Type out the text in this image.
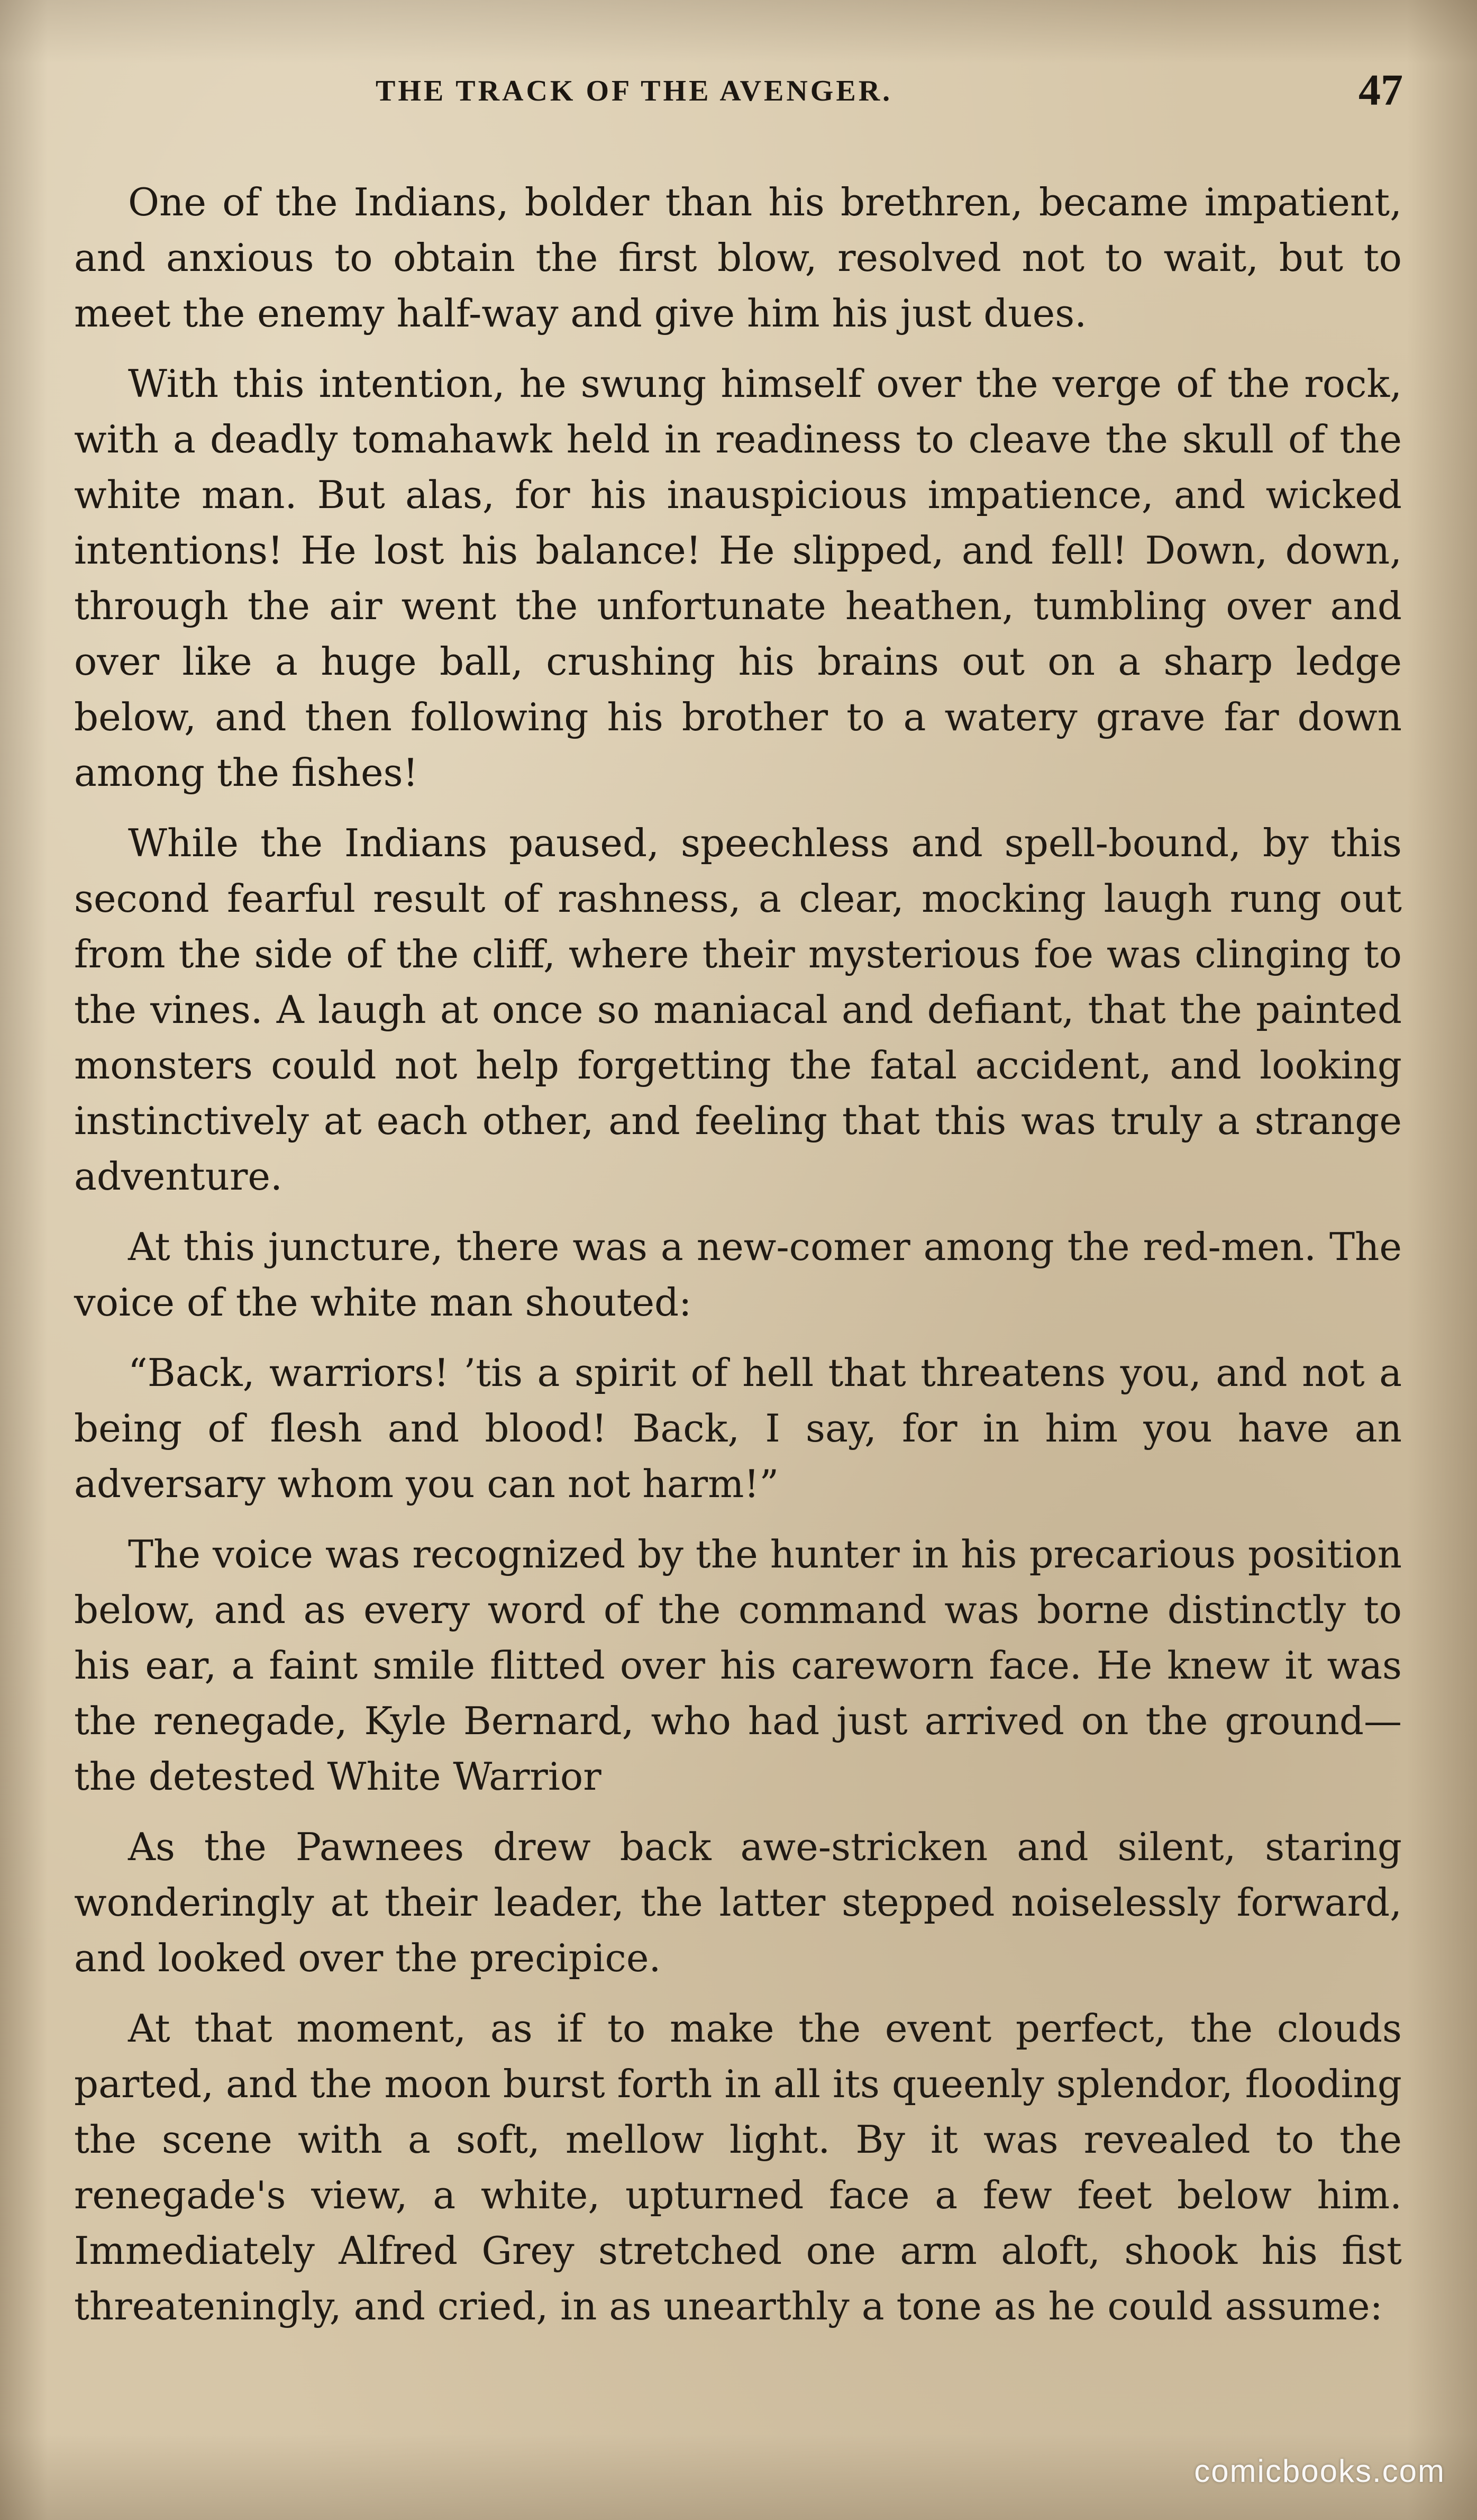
THE TRACK OF THE AVENGER.	47

One of the Indians, bolder than his brethren, became impatient, and anxious to obtain the first blow, resolved not to wait, but to meet the enemy half-way and give him his just dues.

With this intention, he swung himself over the verge of the rock, with a deadly tomahawk held in readiness to cleave the skull of the white man. But alas, for his inauspicious impatience, and wicked intentions! He lost his balance! He slipped, and fell! Down, down, through the air went the unfortunate heathen, tumbling over and over like a huge ball, crushing his brains out on a sharp ledge below, and then following his brother to a watery grave far down among the fishes!

While the Indians paused, speechless and spell-bound, by this second fearful result of rashness, a clear, mocking laugh rung out from the side of the cliff, where their mysterious foe was clinging to the vines. A laugh at once so maniacal and defiant, that the painted monsters could not help forgetting the fatal accident, and looking instinctively at each other, and feeling that this was truly a strange adventure.

At this juncture, there was a new-comer among the red-men. The voice of the white man shouted:

“Back, warriors! ’tis a spirit of hell that threatens you, and not a being of flesh and blood! Back, I say, for in him you have an adversary whom you can not harm!”

The voice was recognized by the hunter in his precarious position below, and as every word of the command was borne distinctly to his ear, a faint smile flitted over his careworn face. He knew it was the renegade, Kyle Bernard, who had just arrived on the ground—the detested White Warrior

As the Pawnees drew back awe-stricken and silent, staring wonderingly at their leader, the latter stepped noiselessly forward, and looked over the precipice.

At that moment, as if to make the event perfect, the clouds parted, and the moon burst forth in all its queenly splendor, flooding the scene with a soft, mellow light. By it was revealed to the renegade's view, a white, upturned face a few feet below him. Immediately Alfred Grey stretched one arm aloft, shook his fist threateningly, and cried, in as unearthly a tone as he could assume:

comicbooks.com
